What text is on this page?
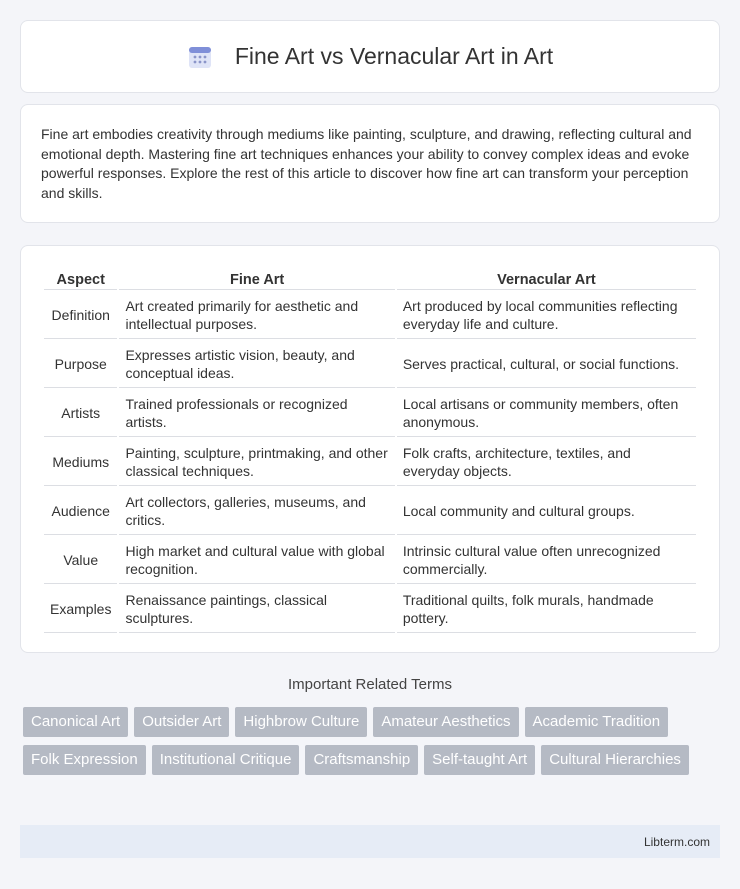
Fine Art vs Vernacular Art in Art

Fine art embodies creativity through mediums like painting, sculpture, and drawing, reflecting cultural and emotional depth. Mastering fine art techniques enhances your ability to convey complex ideas and evoke powerful responses. Explore the rest of this article to discover how fine art can transform your perception and skills.

Aspect	Fine Art	Vernacular Art
Definition	Art created primarily for aesthetic and intellectual purposes.	Art produced by local communities reflecting everyday life and culture.
Purpose	Expresses artistic vision, beauty, and conceptual ideas.	Serves practical, cultural, or social functions.
Artists	Trained professionals or recognized artists.	Local artisans or community members, often anonymous.
Mediums	Painting, sculpture, printmaking, and other classical techniques.	Folk crafts, architecture, textiles, and everyday objects.
Audience	Art collectors, galleries, museums, and critics.	Local community and cultural groups.
Value	High market and cultural value with global recognition.	Intrinsic cultural value often unrecognized commercially.
Examples	Renaissance paintings, classical sculptures.	Traditional quilts, folk murals, handmade pottery.
Important Related Terms
Canonical Art	Outsider Art	Highbrow Culture	Amateur Aesthetics	Academic Tradition
Folk Expression	Institutional Critique	Craftsmanship	Self-taught Art	Cultural Hierarchies
Libterm.com
